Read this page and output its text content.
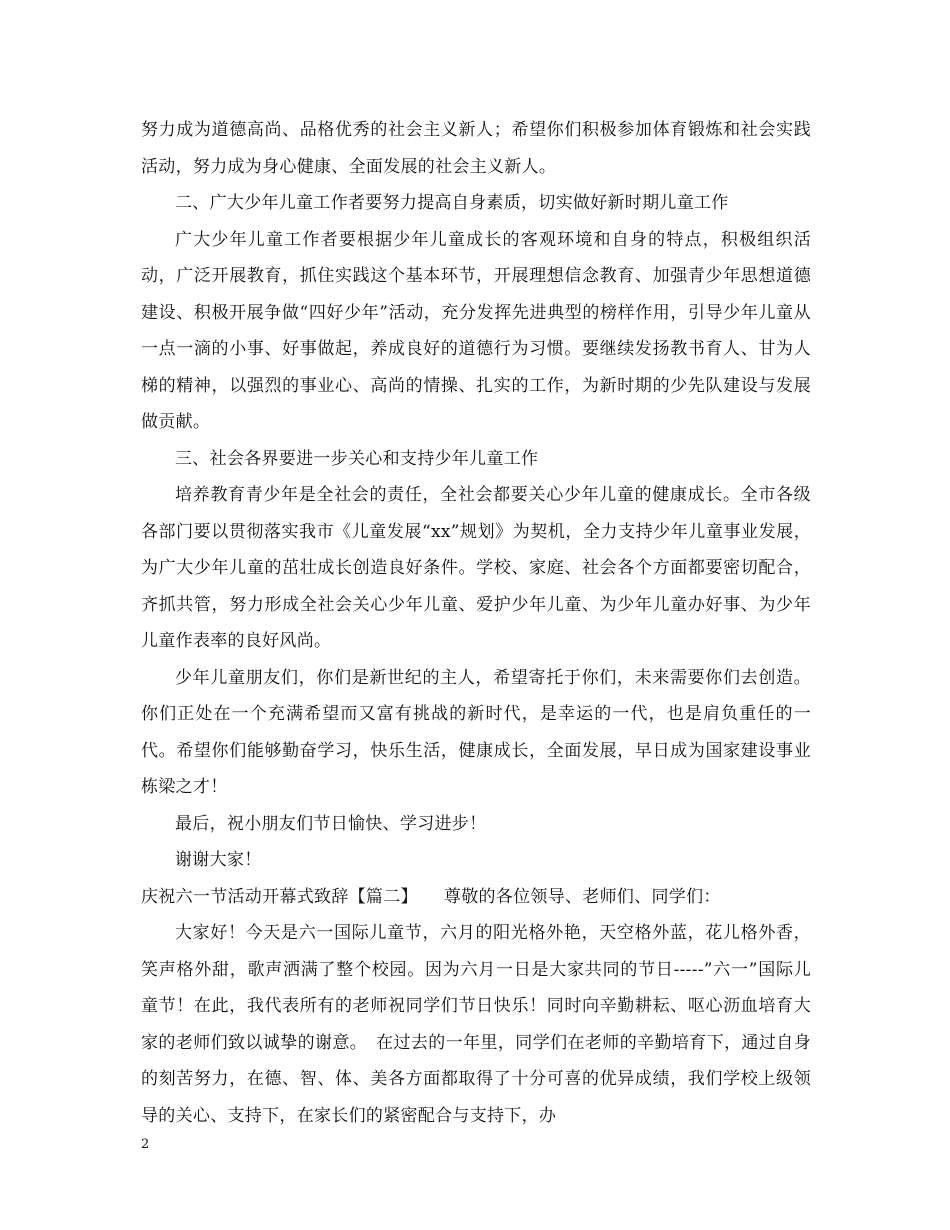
努力成为道德高尚、品格优秀的社会主义新人；希望你们积极参加体育锻炼和社会实践活动，努力成为身心健康、全面发展的社会主义新人。

二、广大少年儿童工作者要努力提高自身素质，切实做好新时期儿童工作

广大少年儿童工作者要根据少年儿童成长的客观环境和自身的特点，积极组织活动，广泛开展教育，抓住实践这个基本环节，开展理想信念教育、加强青少年思想道德建设、积极开展争做“四好少年”活动，充分发挥先进典型的榜样作用，引导少年儿童从一点一滴的小事、好事做起，养成良好的道德行为习惯。要继续发扬教书育人、甘为人梯的精神，以强烈的事业心、高尚的情操、扎实的工作，为新时期的少先队建设与发展做贡献。

三、社会各界要进一步关心和支持少年儿童工作

培养教育青少年是全社会的责任，全社会都要关心少年儿童的健康成长。全市各级各部门要以贯彻落实我市《儿童发展“xx”规划》为契机，全力支持少年儿童事业发展，为广大少年儿童的茁壮成长创造良好条件。学校、家庭、社会各个方面都要密切配合，齐抓共管，努力形成全社会关心少年儿童、爱护少年儿童、为少年儿童办好事、为少年儿童作表率的良好风尚。

少年儿童朋友们，你们是新世纪的主人，希望寄托于你们，未来需要你们去创造。你们正处在一个充满希望而又富有挑战的新时代，是幸运的一代，也是肩负重任的一代。希望你们能够勤奋学习，快乐生活，健康成长，全面发展，早日成为国家建设事业栋梁之才！

最后，祝小朋友们节日愉快、学习进步！

谢谢大家！

庆祝六一节活动开幕式致辞【篇二】　　尊敬的各位领导、老师们、同学们：

大家好！今天是六一国际儿童节，六月的阳光格外艳，天空格外蓝，花儿格外香，笑声格外甜，歌声洒满了整个校园。因为六月一日是大家共同的节日-----”六一”国际儿童节！在此，我代表所有的老师祝同学们节日快乐！同时向辛勤耕耘、呕心沥血培育大家的老师们致以诚挚的谢意。　在过去的一年里，同学们在老师的辛勤培育下，通过自身的刻苦努力，在德、智、体、美各方面都取得了十分可喜的优异成绩，我们学校上级领导的关心、支持下，在家长们的紧密配合与支持下，办

2
